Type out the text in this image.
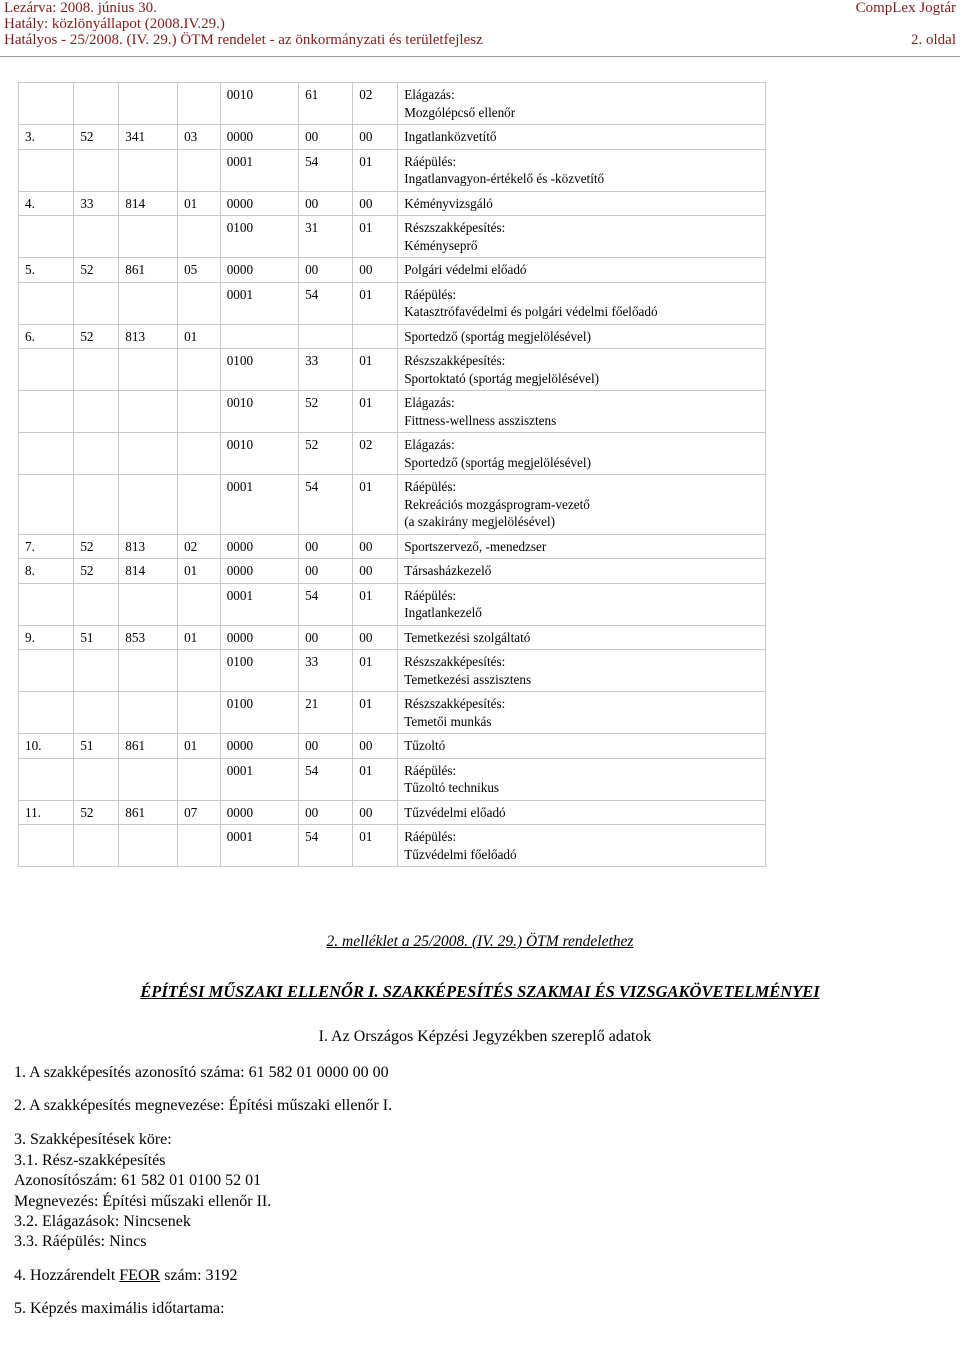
Lezárva: 2008. június 30.
Hatály: közlönyállapot (2008.IV.29.)
Hatályos - 25/2008. (IV. 29.) ÖTM rendelet - az önkormányzati és területfejlesz
CompLex Jogtár
2. oldal
				0010	61	02	Elágazás:
Mozgólépcső ellenőr

3.	52	341	03	0000	00	00	Ingatlanközvetítő

				0001	54	01	Ráépülés:
Ingatlanvagyon-értékelő és -közvetítő

4.	33	814	01	0000	00	00	Kéményvizsgáló

				0100	31	01	Részszakképesítés:
Kéményseprő

5.	52	861	05	0000	00	00	Polgári védelmi előadó

				0001	54	01	Ráépülés:
Katasztrófavédelmi és polgári védelmi főelőadó

6.	52	813	01				Sportedző (sportág megjelölésével)

				0100	33	01	Részszakképesítés:
Sportoktató (sportág megjelölésével)

				0010	52	01	Elágazás:
Fittness-wellness asszisztens

				0010	52	02	Elágazás:
Sportedző (sportág megjelölésével)

				0001	54	01	Ráépülés:
Rekreációs mozgásprogram-vezető
(a szakirány megjelölésével)

7.	52	813	02	0000	00	00	Sportszervező, -menedzser

8.	52	814	01	0000	00	00	Társasházkezelő

				0001	54	01	Ráépülés:
Ingatlankezelő

9.	51	853	01	0000	00	00	Temetkezési szolgáltató

				0100	33	01	Részszakképesítés:
Temetkezési asszisztens

				0100	21	01	Részszakképesítés:
Temetői munkás

10.	51	861	01	0000	00	00	Tűzoltó

				0001	54	01	Ráépülés:
Tűzoltó technikus

11.	52	861	07	0000	00	00	Tűzvédelmi előadó

				0001	54	01	Ráépülés:
Tűzvédelmi főelőadó
2. melléklet a 25/2008. (IV. 29.) ÖTM rendelethez
ÉPÍTÉSI MŰSZAKI ELLENŐR I. SZAKKÉPESÍTÉS SZAKMAI ÉS VIZSGAKÖVETELMÉNYEI
I. Az Országos Képzési Jegyzékben szereplő adatok
1. A szakképesítés azonosító száma: 61 582 01 0000 00 00
2. A szakképesítés megnevezése: Építési műszaki ellenőr I.
3. Szakképesítések köre:
3.1. Rész-szakképesítés
Azonosítószám: 61 582 01 0100 52 01
Megnevezés: Építési műszaki ellenőr II.
3.2. Elágazások: Nincsenek
3.3. Ráépülés: Nincs
4. Hozzárendelt FEOR szám: 3192
5. Képzés maximális időtartama:
